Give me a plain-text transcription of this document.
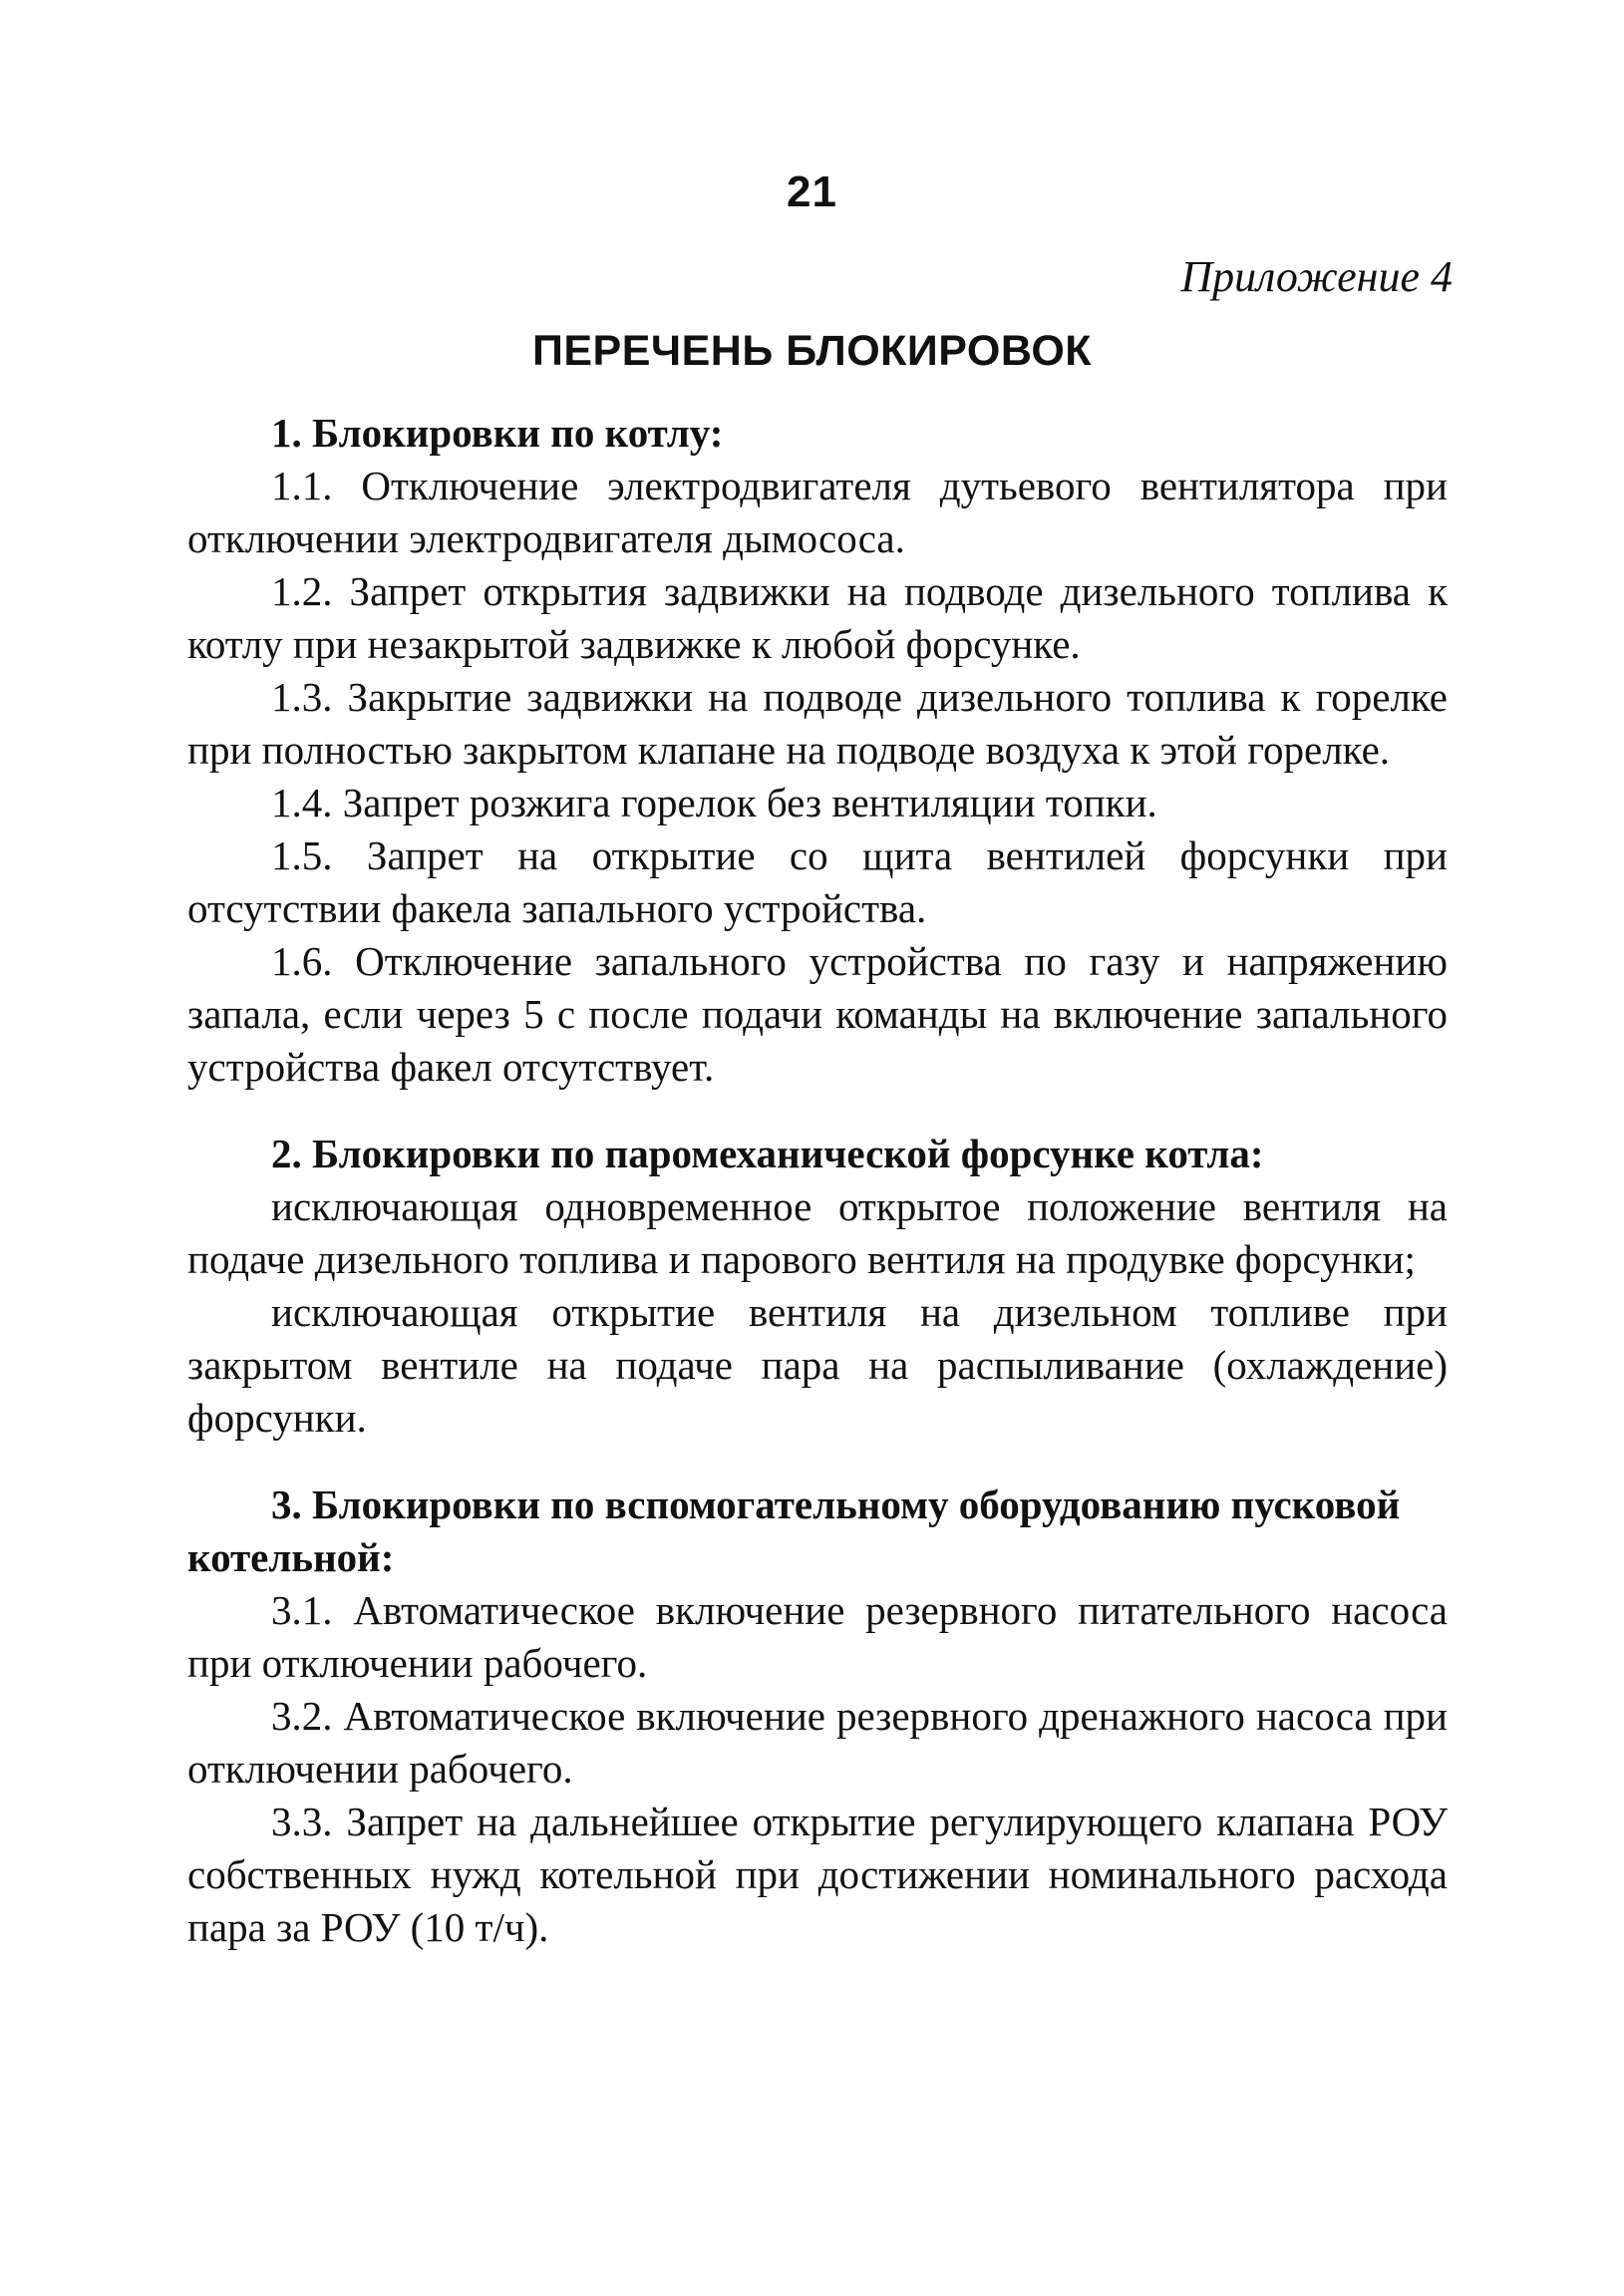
21
Приложение 4
ПЕРЕЧЕНЬ БЛОКИРОВОК

1. Блокировки по котлу:

1.1. Отключение электродвигателя дутьевого вентилятора при отключении электродвигателя дымососа.

1.2. Запрет открытия задвижки на подводе дизельного топлива к котлу при незакрытой задвижке к любой форсунке.

1.3. Закрытие задвижки на подводе дизельного топлива к горелке при полностью закрытом клапане на подводе воздуха к этой горелке.

1.4. Запрет розжига горелок без вентиляции топки.

1.5. Запрет на открытие со щита вентилей форсунки при отсутствии факела запального устройства.

1.6. Отключение запального устройства по газу и напряжению запала, если через 5 с после подачи команды на включение запального устройства факел отсутствует.

2. Блокировки по паромеханической форсунке котла:

исключающая одновременное открытое положение вентиля на подаче дизельного топлива и парового вентиля на продувке форсунки;

исключающая открытие вентиля на дизельном топливе при закрытом вентиле на подаче пара на распыливание (охлаждение) форсунки.

3. Блокировки по вспомогательному оборудованию пусковой котельной:

3.1. Автоматическое включение резервного питательного насоса при отключении рабочего.

3.2. Автоматическое включение резервного дренажного насоса при отключении рабочего.

3.3. Запрет на дальнейшее открытие регулирующего клапана РОУ собственных нужд котельной при достижении номинального расхода пара за РОУ (10 т/ч).
